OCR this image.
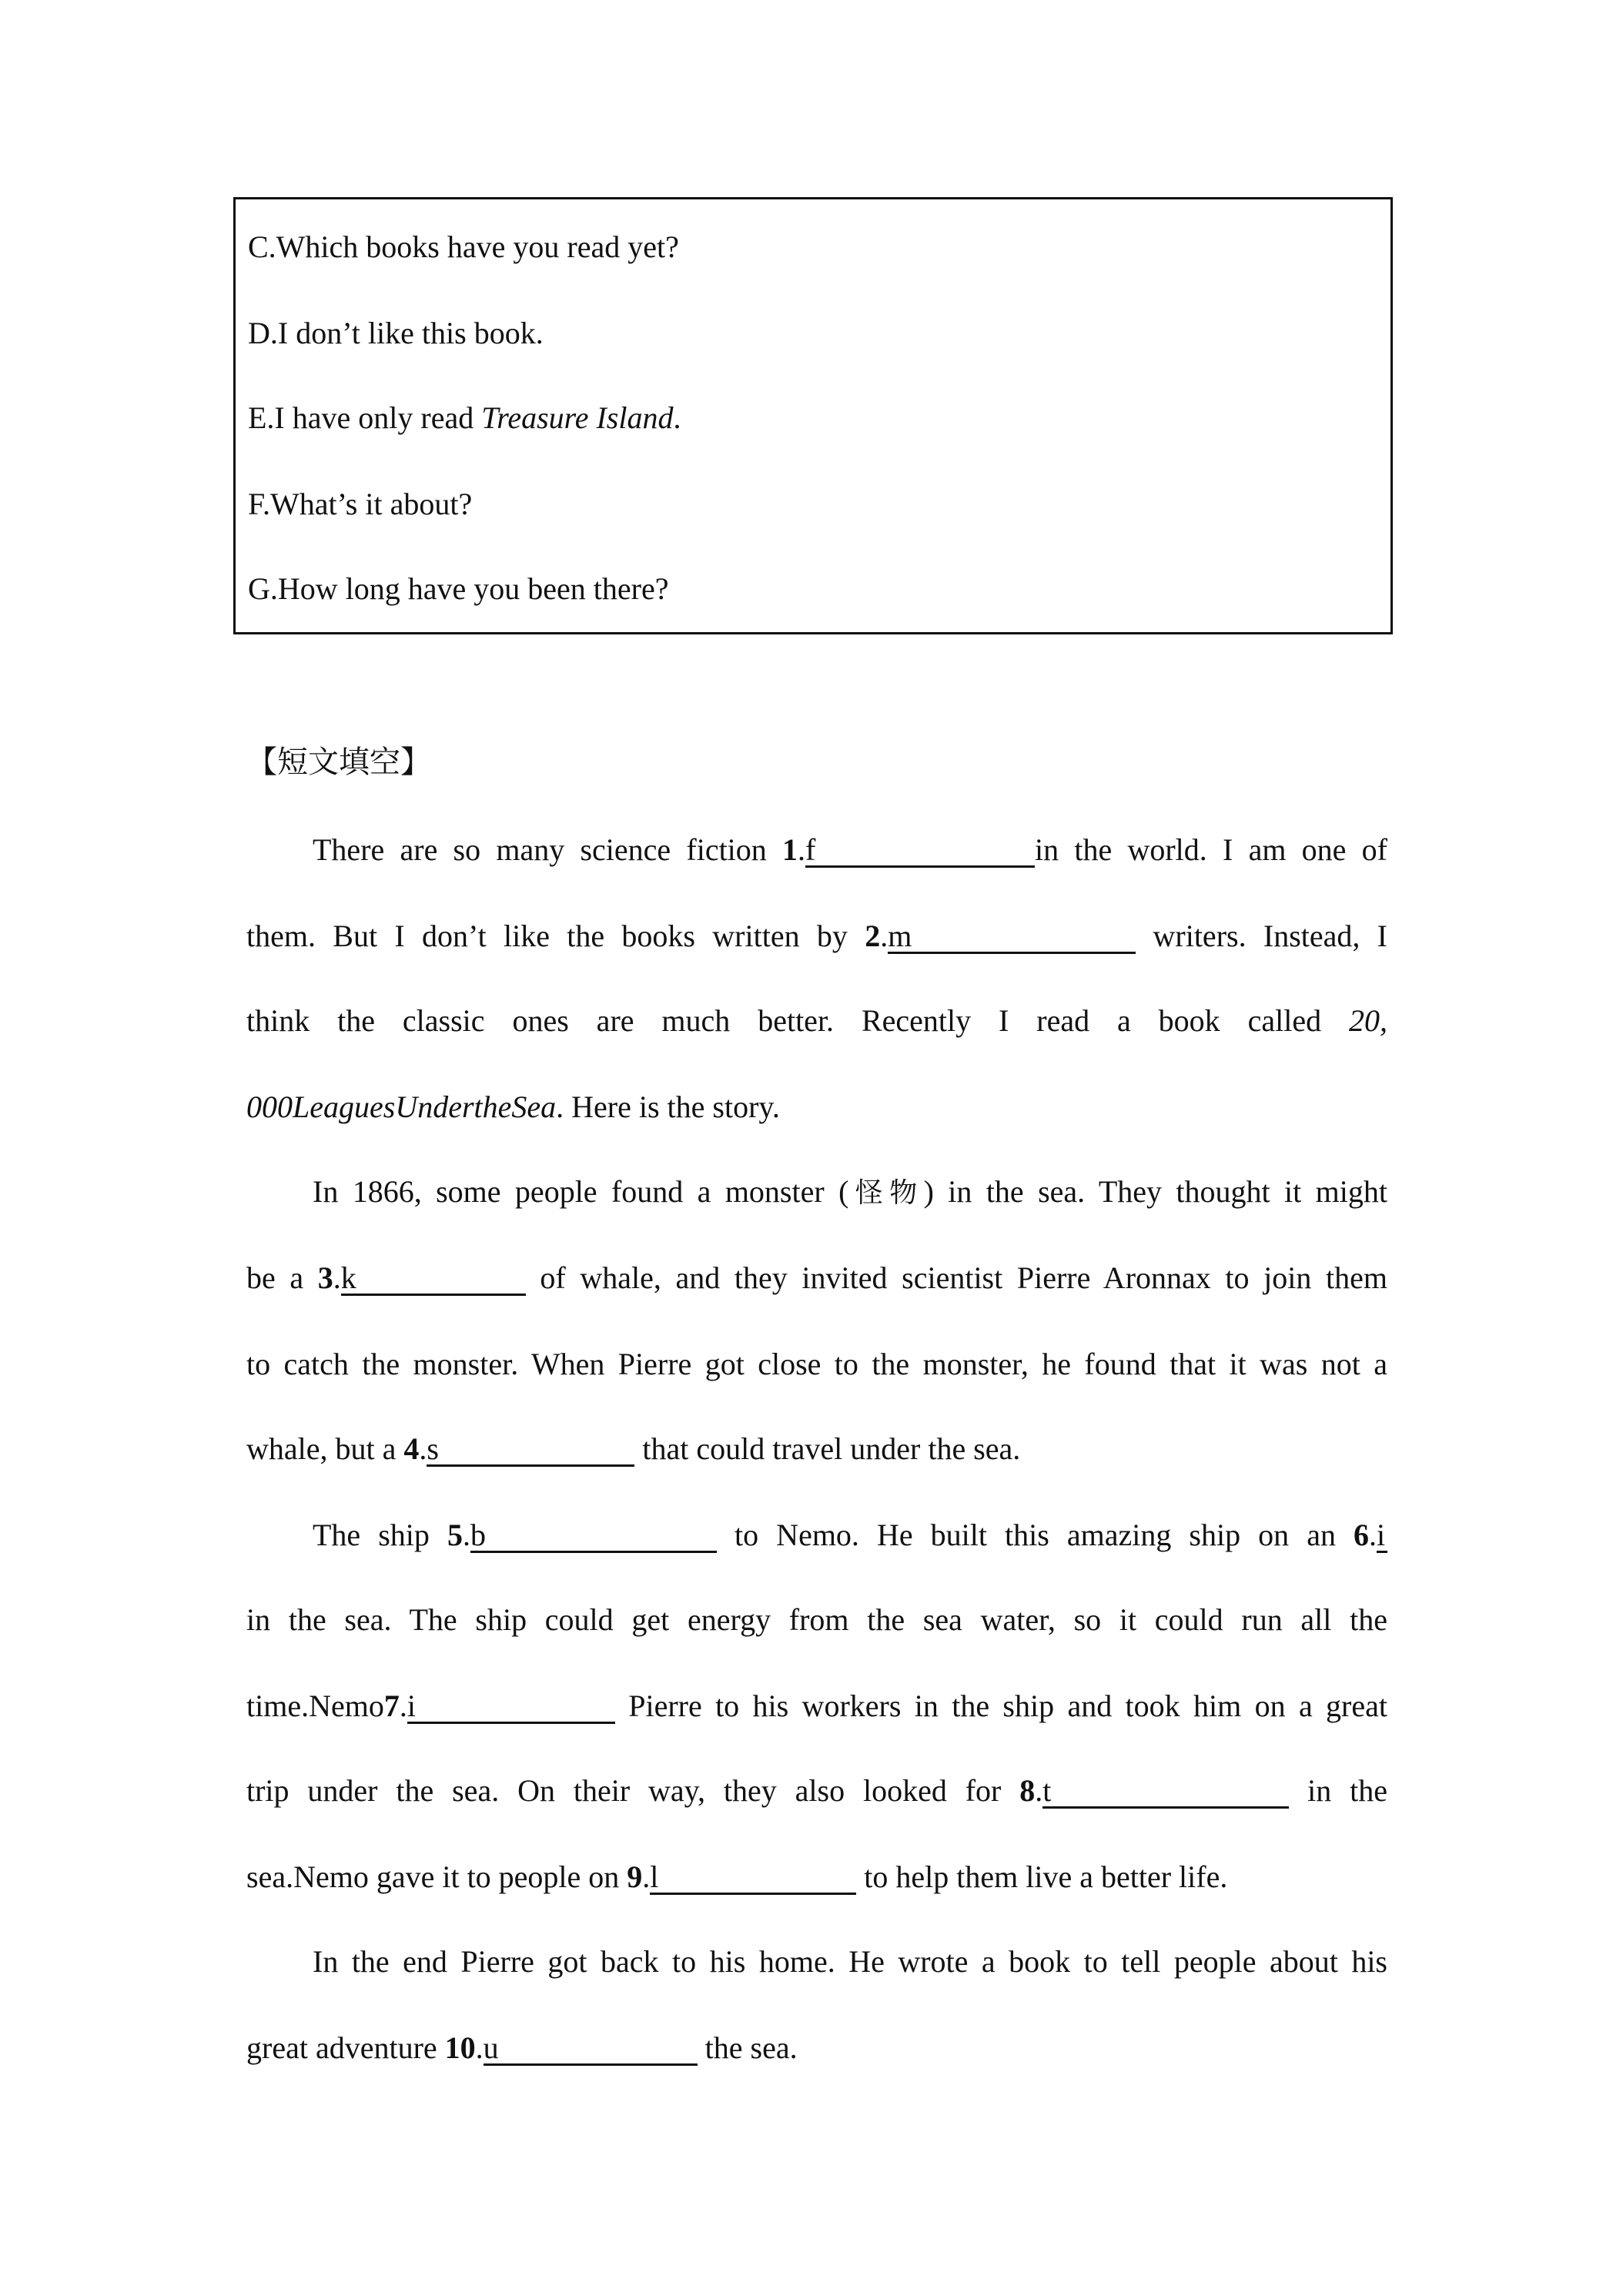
C.Which books have you read yet?
D.I don’t like this book.
E.I have only read Treasure Island.
F.What’s it about?
G.How long have you been there?
【短文填空】
There are so many science fiction 1.f	in the world. I am one of
them. But I don’t like the books written by 2.m	writers. Instead, I
think the classic ones are much better. Recently I read a book called 20,
000LeaguesUndertheSea. Here is the story.
In 1866, some people found a monster (怪物) in the sea. They thought it might
be a 3.k	of whale, and they invited scientist Pierre Aronnax to join them
to catch the monster. When Pierre got close to the monster, he found that it was not a
whale, but a 4.s	that could travel under the sea.
The ship 5.b	to Nemo. He built this amazing ship on an 6.i
in the sea. The ship could get energy from the sea water, so it could run all the
time.Nemo7.i	Pierre to his workers in the ship and took him on a great
trip under the sea. On their way, they also looked for 8.t	in the
sea.Nemo gave it to people on 9.l	to help them live a better life.
In the end Pierre got back to his home. He wrote a book to tell people about his
great adventure 10.u	the sea.
